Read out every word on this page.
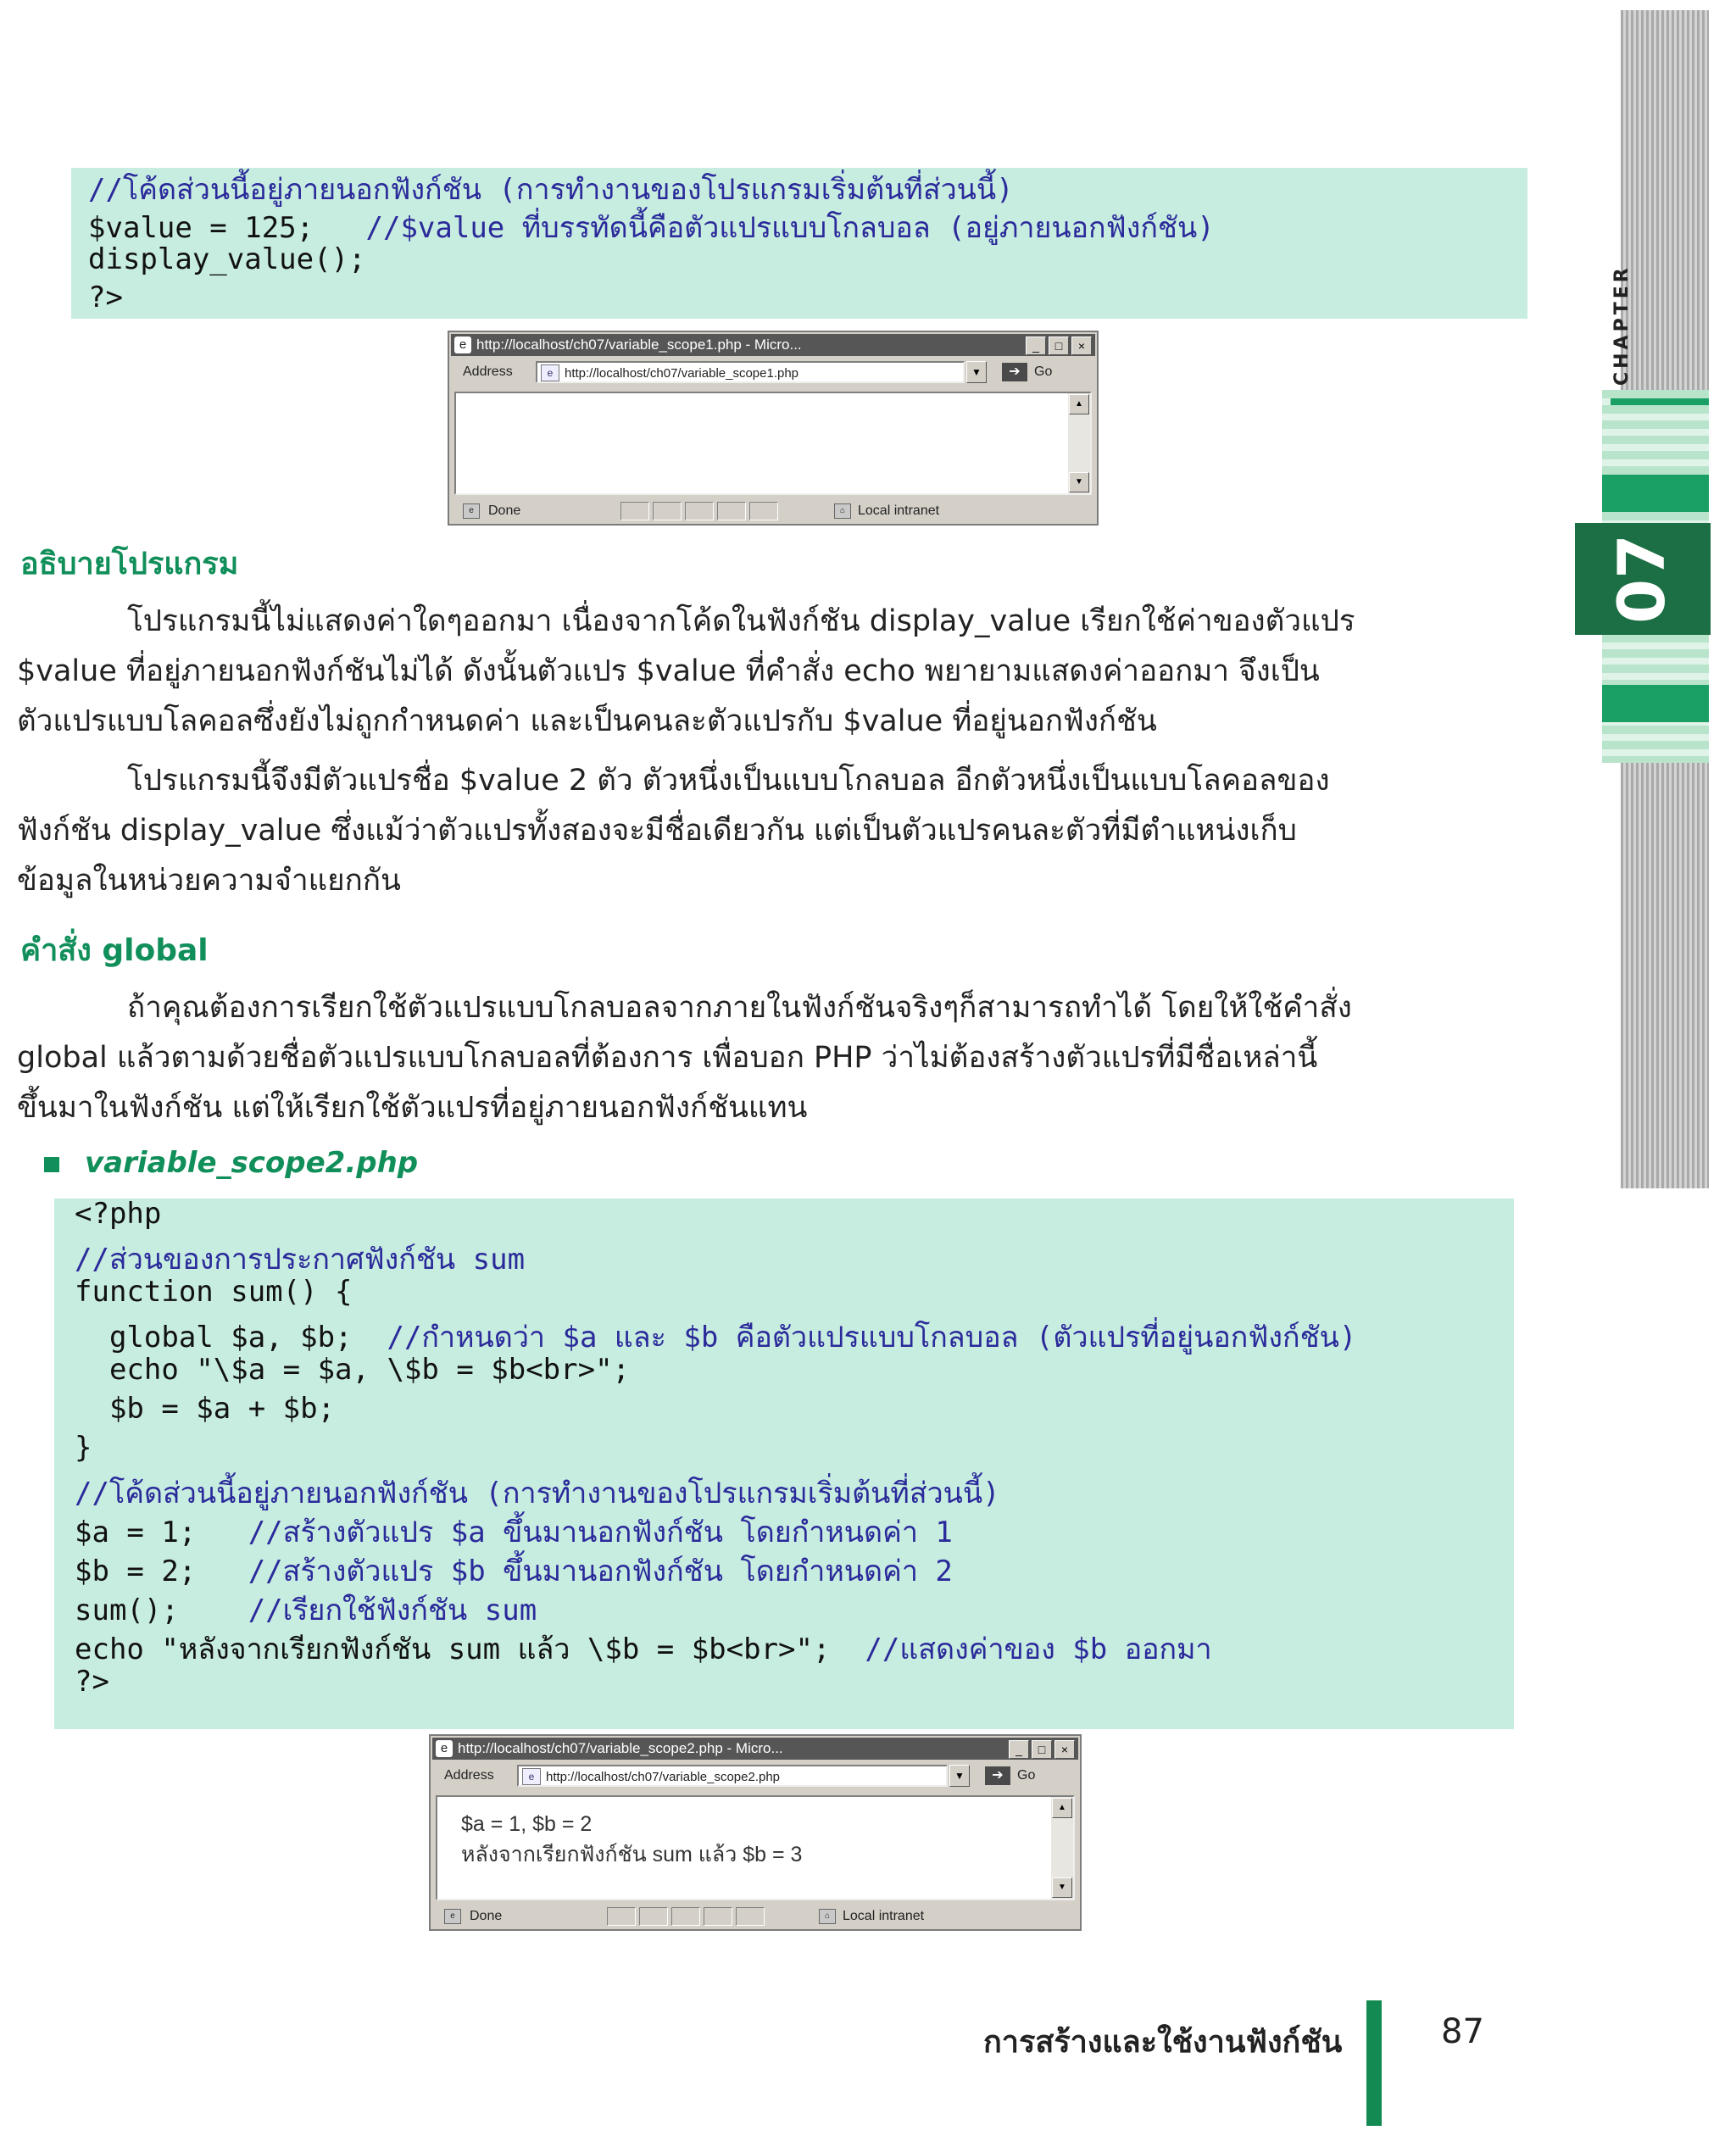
CHAPTER
07
//โค้ดส่วนนี้อยู่ภายนอกฟังก์ชัน (การทำงานของโปรแกรมเริ่มต้นที่ส่วนนี้)
$value = 125;   //$value ที่บรรทัดนี้คือตัวแปรแบบโกลบอล (อยู่ภายนอกฟังก์ชัน)
display_value();
?>
e http://localhost/ch07/variable_scope1.php - Micro...	_	□	×
Address	e http://localhost/ch07/variable_scope1.php	▼	➔	Go
▲
▼
e	Done	⌂ Local intranet
อธิบายโปรแกรม
โปรแกรมนี้ไม่แสดงค่าใดๆออกมา เนื่องจากโค้ดในฟังก์ชัน display_value เรียกใช้ค่าของตัวแปร
$value ที่อยู่ภายนอกฟังก์ชันไม่ได้ ดังนั้นตัวแปร $value ที่คำสั่ง echo พยายามแสดงค่าออกมา จึงเป็น
ตัวแปรแบบโลคอลซึ่งยังไม่ถูกกำหนดค่า และเป็นคนละตัวแปรกับ $value ที่อยู่นอกฟังก์ชัน
โปรแกรมนี้จึงมีตัวแปรชื่อ $value 2 ตัว ตัวหนึ่งเป็นแบบโกลบอล อีกตัวหนึ่งเป็นแบบโลคอลของ
ฟังก์ชัน display_value ซึ่งแม้ว่าตัวแปรทั้งสองจะมีชื่อเดียวกัน แต่เป็นตัวแปรคนละตัวที่มีตำแหน่งเก็บ
ข้อมูลในหน่วยความจำแยกกัน
คำสั่ง global
ถ้าคุณต้องการเรียกใช้ตัวแปรแบบโกลบอลจากภายในฟังก์ชันจริงๆก็สามารถทำได้ โดยให้ใช้คำสั่ง
global แล้วตามด้วยชื่อตัวแปรแบบโกลบอลที่ต้องการ เพื่อบอก PHP ว่าไม่ต้องสร้างตัวแปรที่มีชื่อเหล่านี้
ขึ้นมาในฟังก์ชัน แต่ให้เรียกใช้ตัวแปรที่อยู่ภายนอกฟังก์ชันแทน
variable_scope2.php
<?php
//ส่วนของการประกาศฟังก์ชัน sum
function sum() {
global $a, $b;  //กำหนดว่า $a และ $b คือตัวแปรแบบโกลบอล (ตัวแปรที่อยู่นอกฟังก์ชัน)
echo "\$a = $a, \$b = $b<br>";
$b = $a + $b;
}
//โค้ดส่วนนี้อยู่ภายนอกฟังก์ชัน (การทำงานของโปรแกรมเริ่มต้นที่ส่วนนี้)
$a = 1;   //สร้างตัวแปร $a ขึ้นมานอกฟังก์ชัน โดยกำหนดค่า 1
$b = 2;   //สร้างตัวแปร $b ขึ้นมานอกฟังก์ชัน โดยกำหนดค่า 2
sum();    //เรียกใช้ฟังก์ชัน sum
echo "หลังจากเรียกฟังก์ชัน sum แล้ว \$b = $b<br>";  //แสดงค่าของ $b ออกมา
?>
e http://localhost/ch07/variable_scope2.php - Micro...	_	□	×
Address	e http://localhost/ch07/variable_scope2.php	▼	➔	Go
$a = 1, $b = 2
หลังจากเรียกฟังก์ชัน sum แล้ว $b = 3
▲
▼
e	Done	⌂ Local intranet
การสร้างและใช้งานฟังก์ชัน	87
